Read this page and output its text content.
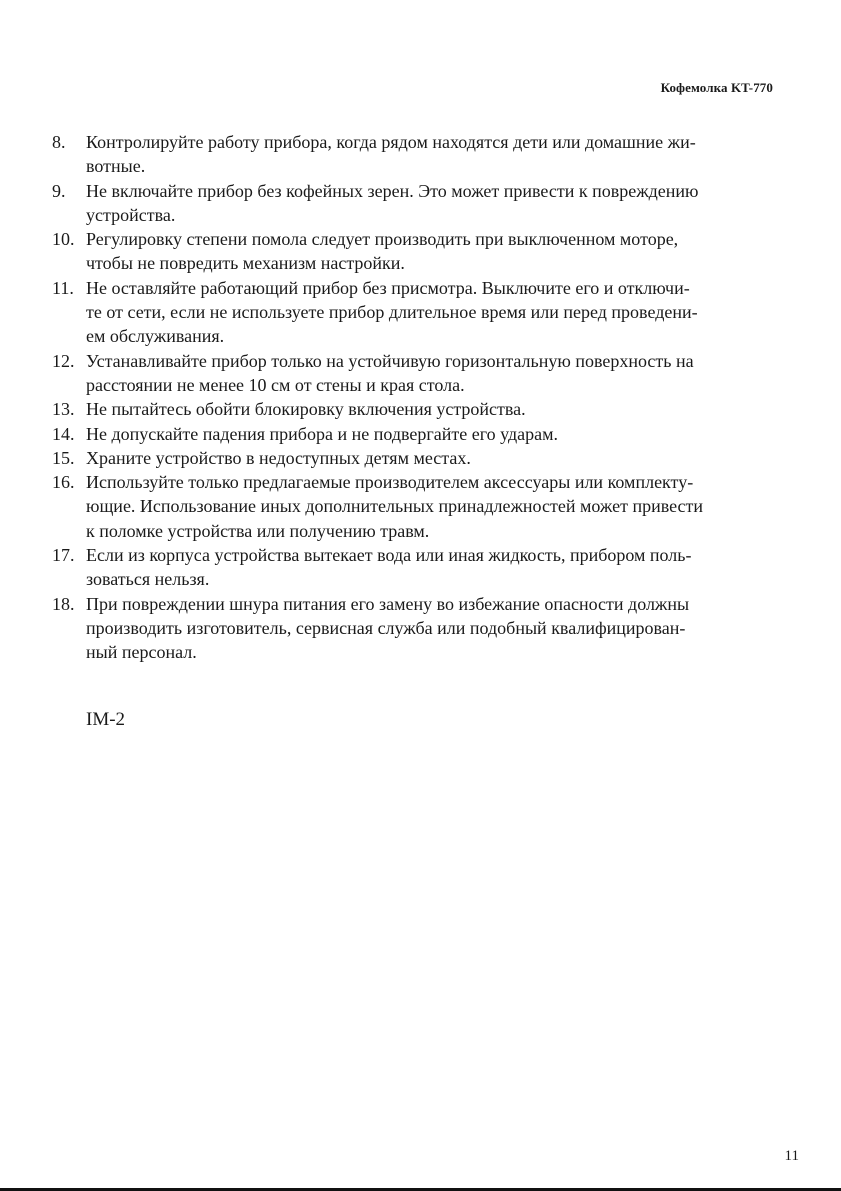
Кофемолка KT-770
8.	Контролируйте работу прибора, когда рядом находятся дети или домашние жи-
вотные.
9.	Не включайте прибор без кофейных зерен. Это может привести к повреждению
устройства.
10. Регулировку степени помола следует производить при выключенном моторе,
чтобы не повредить механизм настройки.
11. Не оставляйте работающий прибор без присмотра. Выключите его и отключи-
те от сети, если не используете прибор длительное время или перед проведени-
ем обслуживания.
12. Устанавливайте прибор только на устойчивую горизонтальную поверхность на
расстоянии не менее 10 см от стены и края стола.
13. Не пытайтесь обойти блокировку включения устройства.
14. Не допускайте падения прибора и не подвергайте его ударам.
15. Храните устройство в недоступных детям местах.
16. Используйте только предлагаемые производителем аксессуары или комплекту-
ющие. Использование иных дополнительных принадлежностей может привести
к поломке устройства или получению травм.
17. Если из корпуса устройства вытекает вода или иная жидкость, прибором поль-
зоваться нельзя.
18. При повреждении шнура питания его замену во избежание опасности должны
производить изготовитель, сервисная служба или подобный квалифицирован-
ный персонал.
IM-2
11
